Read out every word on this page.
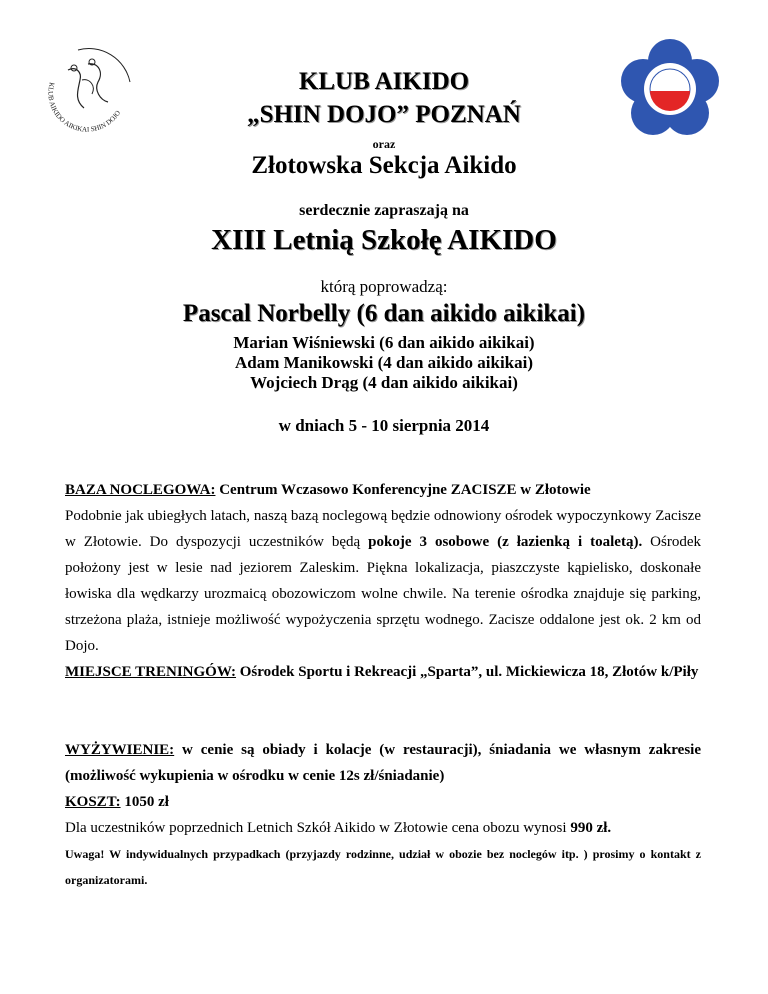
KLUB AIKIDO AIKIKAI SHIN DOJO
KLUB AIKIDO
„SHIN DOJO” POZNAŃ
oraz
Złotowska Sekcja Aikido
serdecznie zapraszają na
XIII Letnią Szkołę AIKIDO
którą poprowadzą:
Pascal Norbelly (6 dan aikido aikikai)
Marian Wiśniewski (6 dan aikido aikikai)
Adam Manikowski (4 dan aikido aikikai)
Wojciech Drąg (4 dan aikido aikikai)
w dniach 5 - 10 sierpnia 2014

BAZA NOCLEGOWA: Centrum Wczasowo Konferencyjne ZACISZE w Złotowie

Podobnie jak ubiegłych latach, naszą bazą noclegową będzie odnowiony ośrodek wypoczynkowy Zacisze w Złotowie. Do dyspozycji uczestników będą pokoje 3 osobowe (z łazienką i toaletą). Ośrodek położony jest w lesie nad jeziorem Zaleskim. Piękna lokalizacja, piaszczyste kąpielisko, doskonałe łowiska dla wędkarzy urozmaicą obozowiczom wolne chwile. Na terenie ośrodka znajduje się parking, strzeżona plaża, istnieje możliwość wypożyczenia sprzętu wodnego. Zacisze oddalone jest ok. 2 km od Dojo.

MIEJSCE TRENINGÓW: Ośrodek Sportu i Rekreacji „Sparta”, ul. Mickiewicza 18, Złotów k/Piły

WYŻYWIENIE: w cenie są obiady i kolacje (w restauracji), śniadania we własnym zakresie (możliwość wykupienia w ośrodku w cenie 12s zł/śniadanie)

KOSZT: 1050 zł

Dla uczestników poprzednich Letnich Szkół Aikido w Złotowie cena obozu wynosi 990 zł.

Uwaga! W indywidualnych przypadkach (przyjazdy rodzinne, udział w obozie bez noclegów itp. ) prosimy o kontakt z organizatorami.
